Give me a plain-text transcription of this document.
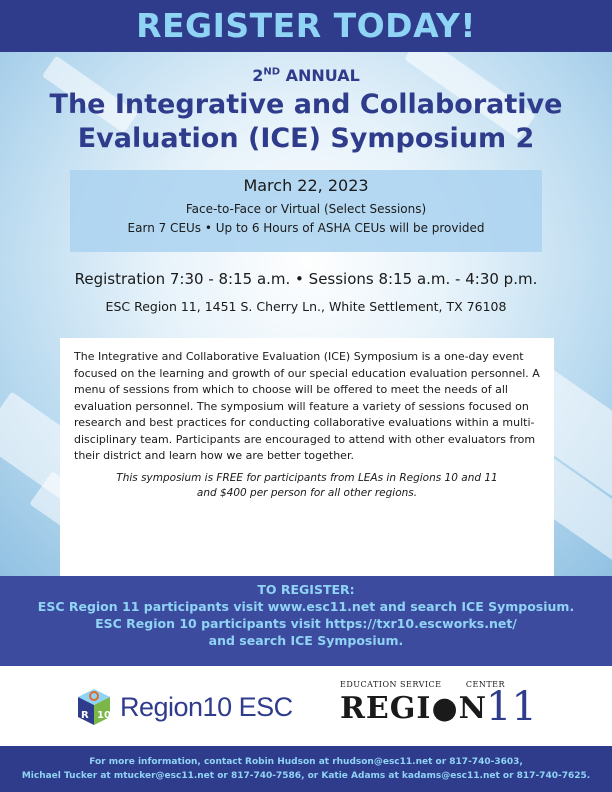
REGISTER TODAY!
2ND ANNUAL
The Integrative and Collaborative
Evaluation (ICE) Symposium 2
March 22, 2023
Face-to-Face or Virtual (Select Sessions)
Earn 7 CEUs • Up to 6 Hours of ASHA CEUs will be provided
Registration 7:30 - 8:15 a.m. • Sessions 8:15 a.m. - 4:30 p.m.
ESC Region 11, 1451 S. Cherry Ln., White Settlement, TX 76108
The Integrative and Collaborative Evaluation (ICE) Symposium is a one-day event focused on the learning and growth of our special education evaluation personnel. A menu of sessions from which to choose will be offered to meet the needs of all evaluation personnel. The symposium will feature a variety of sessions focused on research and best practices for conducting collaborative evaluations within a multi-disciplinary team. Participants are encouraged to attend with other evaluators from their district and learn how we are better together.
This symposium is FREE for participants from LEAs in Regions 10 and 11
and $400 per person for all other regions.
TO REGISTER:
ESC Region 11 participants visit www.esc11.net and search ICE Symposium.
ESC Region 10 participants visit https://txr10.escworks.net/
and search ICE Symposium.
R 10 Region10 ESC
EDUCATION SERVICE	CENTER
REGI●N
11
For more information, contact Robin Hudson at rhudson@esc11.net or 817-740-3603,
Michael Tucker at mtucker@esc11.net or 817-740-7586, or Katie Adams at kadams@esc11.net or 817-740-7625.
